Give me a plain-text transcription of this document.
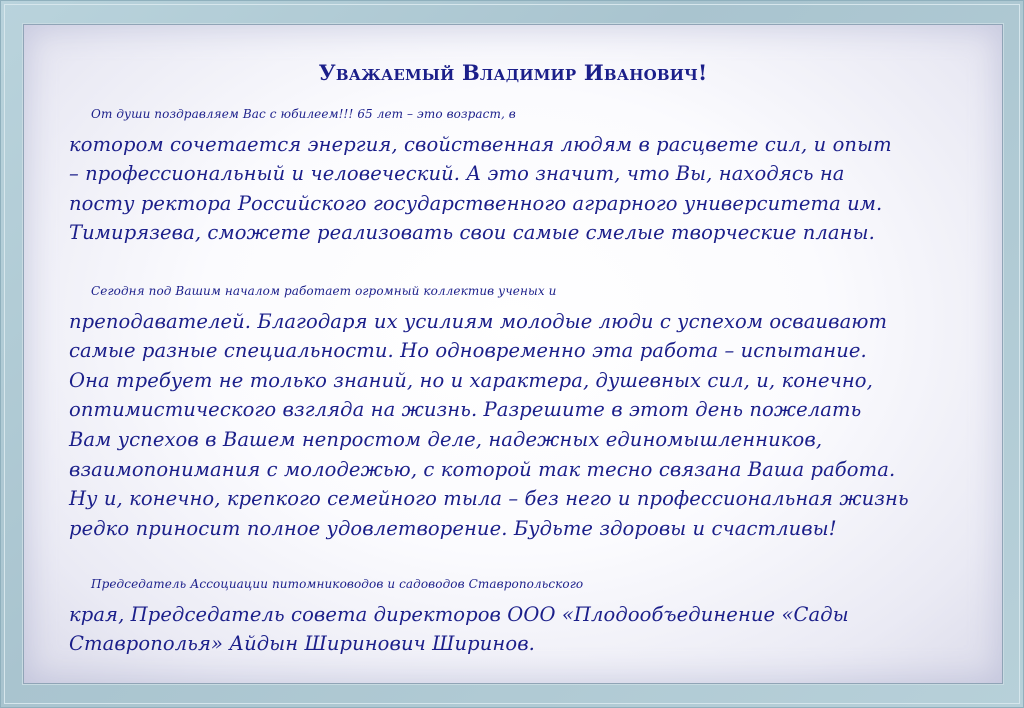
Уважаемый Владимир Иванович!

От души поздравляем Вас с юбилеем!!! 65 лет – это возраст, в
котором сочетается энергия, свойственная людям в расцвете сил, и опыт
– профессиональный и человеческий. А это значит, что Вы, находясь на
посту ректора Российского государственного аграрного университета им.
Тимирязева, сможете реализовать свои самые смелые творческие планы.

Сегодня под Вашим началом работает огромный коллектив ученых и
преподавателей. Благодаря их усилиям молодые люди с успехом осваивают
самые разные специальности. Но одновременно эта работа – испытание.
Она требует не только знаний, но и характера, душевных сил, и, конечно,
оптимистического взгляда на жизнь. Разрешите в этот день пожелать
Вам успехов в Вашем непростом деле, надежных единомышленников,
взаимопонимания с молодежью, с которой так тесно связана Ваша работа.
Ну и, конечно, крепкого семейного тыла – без него и профессиональная жизнь
редко приносит полное удовлетворение. Будьте здоровы и счастливы!

Председатель Ассоциации питомниководов и садоводов Ставропольского
края, Председатель совета директоров ООО «Плодообъединение «Сады
Ставрополья» Айдын Ширинович Ширинов.
